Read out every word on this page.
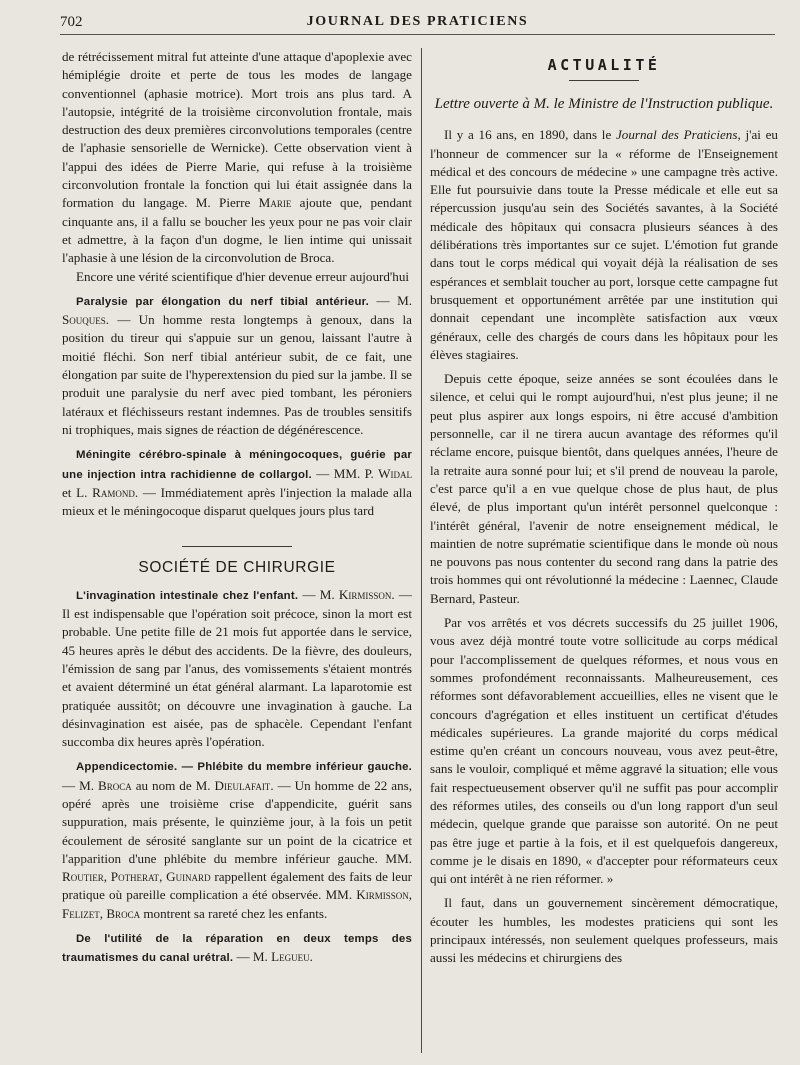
702	JOURNAL DES PRATICIENS

de rétrécissement mitral fut atteinte d'une attaque d'apoplexie avec hémiplégie droite et perte de tous les modes de langage conventionnel (aphasie motrice). Mort trois ans plus tard. A l'autopsie, intégrité de la troisième circonvolution frontale, mais destruction des deux premières circonvolutions temporales (centre de l'aphasie sensorielle de Wernicke). Cette observation vient à l'appui des idées de Pierre Marie, qui refuse à la troisième circonvolution frontale la fonction qui lui était assignée dans la formation du langage. M. Pierre Marie ajoute que, pendant cinquante ans, il a fallu se boucher les yeux pour ne pas voir clair et admettre, à la façon d'un dogme, le lien intime qui unissait l'aphasie à une lésion de la circonvolution de Broca.

Encore une vérité scientifique d'hier devenue erreur aujourd'hui

Paralysie par élongation du nerf tibial antérieur. — M. Souques. — Un homme resta longtemps à genoux, dans la position du tireur qui s'appuie sur un genou, laissant l'autre à moitié fléchi. Son nerf tibial antérieur subit, de ce fait, une élongation par suite de l'hyperextension du pied sur la jambe. Il se produit une paralysie du nerf avec pied tombant, les péroniers latéraux et fléchisseurs restant indemnes. Pas de troubles sensitifs ni trophiques, mais signes de réaction de dégénérescence.

Méningite cérébro-spinale à méningocoques, guérie par une injection intra rachidienne de collargol. — MM. P. Widal et L. Ramond. — Immédiatement après l'injection la malade alla mieux et le méningocoque disparut quelques jours plus tard

SOCIÉTÉ DE CHIRURGIE

L'invagination intestinale chez l'enfant. — M. Kirmisson. — Il est indispensable que l'opération soit précoce, sinon la mort est probable. Une petite fille de 21 mois fut apportée dans le service, 45 heures après le début des accidents. De la fièvre, des douleurs, l'émission de sang par l'anus, des vomissements s'étaient montrés et avaient déterminé un état général alarmant. La laparotomie est pratiquée aussitôt; on découvre une invagination à gauche. La désinvagination est aisée, pas de sphacèle. Cependant l'enfant succomba dix heures après l'opération.

Appendicectomie. — Phlébite du membre inférieur gauche. — M. Broca au nom de M. Dieulafait. — Un homme de 22 ans, opéré après une troisième crise d'appendicite, guérit sans suppuration, mais présente, le quinzième jour, à la fois un petit écoulement de sérosité sanglante sur un point de la cicatrice et l'apparition d'une phlébite du membre inférieur gauche. MM. Routier, Potherat, Guinard rappellent également des faits de leur pratique où pareille complication a été observée. MM. Kirmisson, Felizet, Broca montrent sa rareté chez les enfants.

De l'utilité de la réparation en deux temps des traumatismes du canal urétral. — M. Legueu.

ACTUALITÉ
Lettre ouverte à M. le Ministre de l'Instruction publique.

Il y a 16 ans, en 1890, dans le Journal des Praticiens, j'ai eu l'honneur de commencer sur la « réforme de l'Enseignement médical et des concours de médecine » une campagne très active. Elle fut poursuivie dans toute la Presse médicale et elle eut sa répercussion jusqu'au sein des Sociétés savantes, à la Société médicale des hôpitaux qui consacra plusieurs séances à des délibérations très importantes sur ce sujet. L'émotion fut grande dans tout le corps médical qui voyait déjà la réalisation de ses espérances et semblait toucher au port, lorsque cette campagne fut brusquement et opportunément arrêtée par une institution qui donnait cependant une incomplète satisfaction aux vœux généraux, celle des chargés de cours dans les hôpitaux pour les élèves stagiaires.

Depuis cette époque, seize années se sont écoulées dans le silence, et celui qui le rompt aujourd'hui, n'est plus jeune; il ne peut plus aspirer aux longs espoirs, ni être accusé d'ambition personnelle, car il ne tirera aucun avantage des réformes qu'il réclame encore, puisque bientôt, dans quelques années, l'heure de la retraite aura sonné pour lui; et s'il prend de nouveau la parole, c'est parce qu'il a en vue quelque chose de plus haut, de plus élevé, de plus important qu'un intérêt personnel quelconque : l'intérêt général, l'avenir de notre enseignement médical, le maintien de notre suprématie scientifique dans le monde où nous ne pouvons pas nous contenter du second rang dans la patrie des trois hommes qui ont révolutionné la médecine : Laennec, Claude Bernard, Pasteur.

Par vos arrêtés et vos décrets successifs du 25 juillet 1906, vous avez déjà montré toute votre sollicitude au corps médical pour l'accomplissement de quelques réformes, et nous vous en sommes profondément reconnaissants. Malheureusement, ces réformes sont défavorablement accueillies, elles ne visent que le concours d'agrégation et elles instituent un certificat d'études médicales supérieures. La grande majorité du corps médical estime qu'en créant un concours nouveau, vous avez peut-être, sans le vouloir, compliqué et même aggravé la situation; elle vous fait respectueusement observer qu'il ne suffit pas pour accomplir des réformes utiles, des conseils ou d'un long rapport d'un seul médecin, quelque grande que paraisse son autorité. On ne peut pas être juge et partie à la fois, et il est quelquefois dangereux, comme je le disais en 1890, « d'accepter pour réformateurs ceux qui ont intérêt à ne rien réformer. »

Il faut, dans un gouvernement sincèrement démocratique, écouter les humbles, les modestes praticiens qui sont les principaux intéressés, non seulement quelques professeurs, mais aussi les médecins et chirurgiens des
